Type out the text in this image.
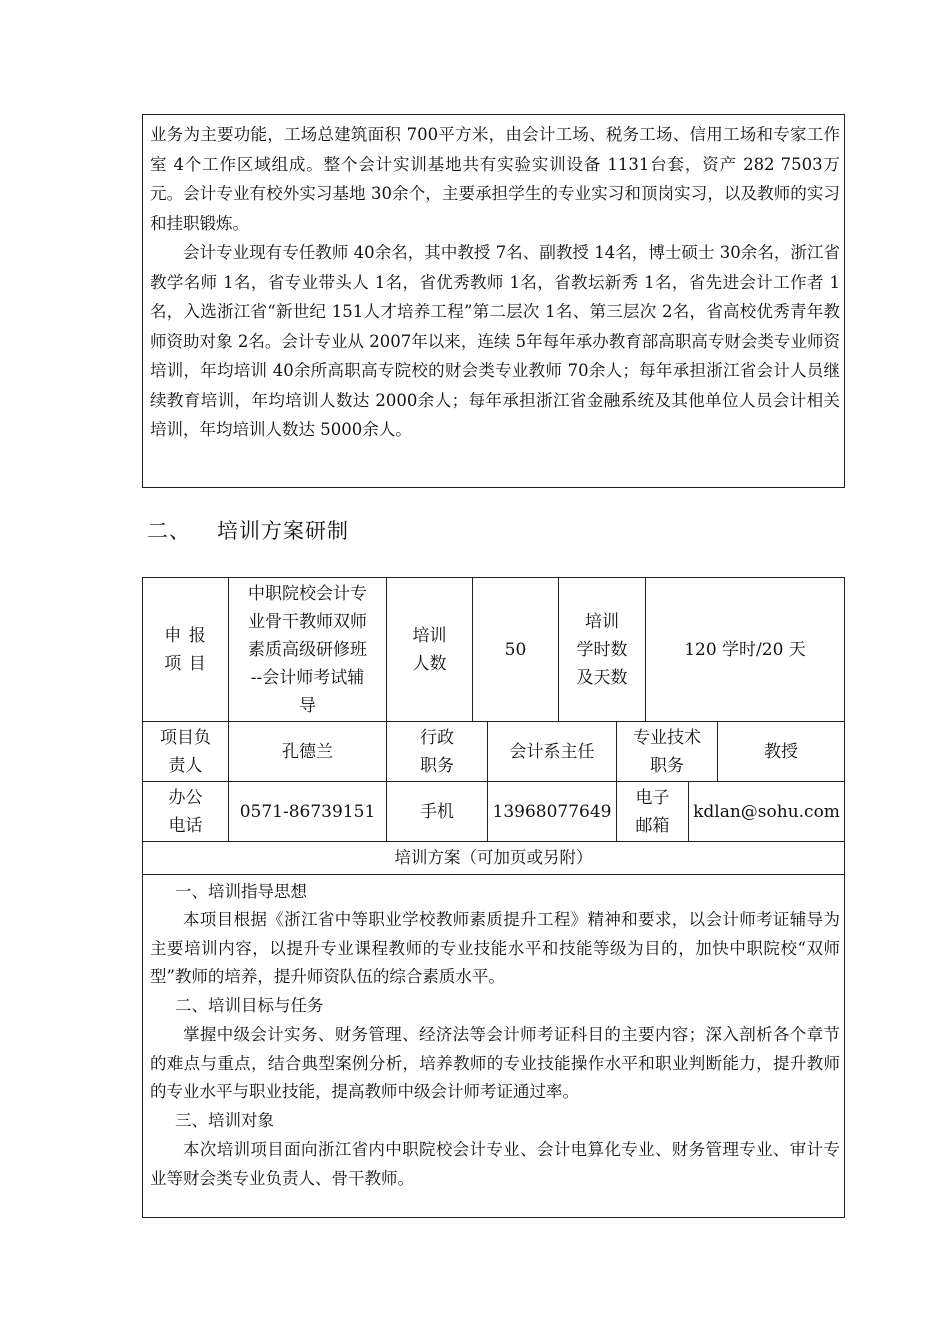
业务为主要功能，工场总建筑面积 700平方米，由会计工场、税务工场、信用工场和专家工作室 4个工作区域组成。整个会计实训基地共有实验实训设备 1131台套，资产 282 7503万元。会计专业有校外实习基地 30余个，主要承担学生的专业实习和顶岗实习，以及教师的实习和挂职锻炼。

会计专业现有专任教师 40余名，其中教授 7名、副教授 14名，博士硕士 30余名，浙江省教学名师 1名，省专业带头人 1名，省优秀教师 1名，省教坛新秀 1名，省先进会计工作者 1名，入选浙江省“新世纪 151人才培养工程”第二层次 1名、第三层次 2名，省高校优秀青年教师资助对象 2名。会计专业从 2007年以来，连续 5年每年承办教育部高职高专财会类专业师资培训，年均培训 40余所高职高专院校的财会类专业教师 70余人；每年承担浙江省会计人员继续教育培训，年均培训人数达 2000余人；每年承担浙江省金融系统及其他单位人员会计相关培训，年均培训人数达 5000余人。

二、 培训方案研制
申 报
项 目
中职院校会计专
业骨干教师双师
素质高级研修班
--会计师考试辅
导
培训
人数
50
培训
学时数
及天数
120 学时/20 天
项目负
责人
孔德兰
行政
职务
会计系主任
专业技术
职务
教授
办公
电话
0571-86739151	手机	13968077649
电子
邮箱
kdlan@sohu.com
培训方案（可加页或另附）

一、培训指导思想

本项目根据《浙江省中等职业学校教师素质提升工程》精神和要求，以会计师考证辅导为主要培训内容，以提升专业课程教师的专业技能水平和技能等级为目的，加快中职院校“双师型”教师的培养，提升师资队伍的综合素质水平。

二、培训目标与任务

掌握中级会计实务、财务管理、经济法等会计师考证科目的主要内容；深入剖析各个章节的难点与重点，结合典型案例分析，培养教师的专业技能操作水平和职业判断能力，提升教师的专业水平与职业技能，提高教师中级会计师考证通过率。

三、培训对象

本次培训项目面向浙江省内中职院校会计专业、会计电算化专业、财务管理专业、审计专业等财会类专业负责人、骨干教师。
